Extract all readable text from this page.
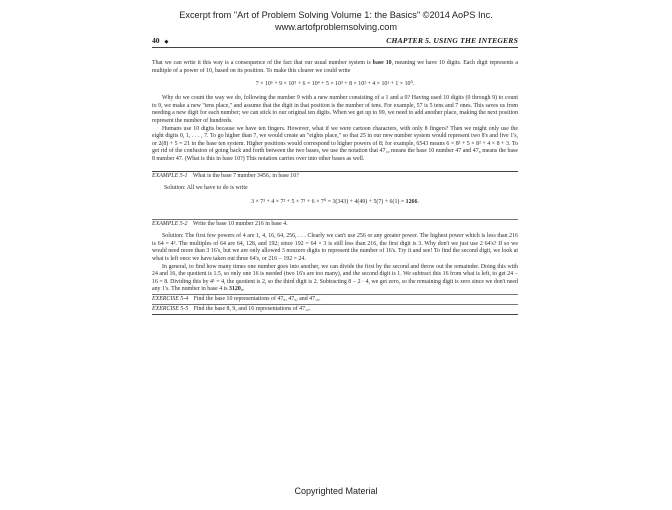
Excerpt from "Art of Problem Solving Volume 1: the Basics" ©2014 AoPS Inc.
www.artofproblemsolving.com
40 ◆	CHAPTER 5. USING THE INTEGERS

That we can write it this way is a consequence of the fact that our usual number system is base 10, meaning we have 10 digits. Each digit represents a multiple of a power of 10, based on its position. To make this clearer we could write

7 × 10⁶ + 9 × 10⁵ + 6 × 10⁴ + 5 × 10³ + 8 × 10² + 4 × 10¹ + 1 × 10⁰.

Why do we count the way we do, following the number 9 with a new number consisting of a 1 and a 0? Having used 10 digits (0 through 9) to count to 9, we make a new "tens place," and assume that the digit in that position is the number of tens. For example, 57 is 5 tens and 7 ones. This saves us from needing a new digit for each number; we can stick to our original ten digits. When we get up to 99, we need to add another place, making the next position represent the number of hundreds.

Humans use 10 digits because we have ten fingers. However, what if we were cartoon characters, with only 8 fingers? Then we might only use the eight digits 0, 1, . . . , 7. To go higher than 7, we would create an "eights place," so that 25 in our new number system would represent two 8's and five 1's, or 2(8) + 5 = 21 in the base ten system. Higher positions would correspond to higher powers of 8; for example, 6543 means 6 × 8³ + 5 × 8² + 4 × 8 + 3. To get rid of the confusion of going back and forth between the two bases, we use the notation that 47₁₀ means the base 10 number 47 and 47₈ means the base 8 number 47. (What is this in base 10?) This notation carries over into other bases as well.

EXAMPLE 5-1 What is the base 7 number 3456₇ in base 10?
Solution: All we have to do is write
3 × 7³ + 4 × 7² + 5 × 7¹ + 6 × 7⁰ = 3(343) + 4(49) + 5(7) + 6(1) = 1266.
EXAMPLE 5-2 Write the base 10 number 216 in base 4.

Solution: The first few powers of 4 are 1, 4, 16, 64, 256, . . . Clearly we can't use 256 or any greater power. The highest power which is less than 216 is 64 = 4³. The multiples of 64 are 64, 128, and 192; since 192 = 64 × 3 is still less than 216, the first digit is 3. Why don't we just use 2 64's? If so we would need more than 3 16's, but we are only allowed 3 nonzero digits to represent the number of 16's. Try it and see! To find the second digit, we look at what is left once we have taken out three 64's, or 216 − 192 = 24.

In general, to find how many times one number goes into another, we can divide the first by the second and throw out the remainder. Doing this with 24 and 16, the quotient is 1.5, so only one 16 is needed (two 16's are too many), and the second digit is 1. We subtract this 16 from what is left, to get 24 − 16 = 8. Dividing this by 4¹ = 4, the quotient is 2, so the third digit is 2. Subtracting 8 − 2 · 4, we get zero, so the remaining digit is zero since we don't need any 1's. The number in base 4 is 3120₄.

EXERCISE 5-4 Find the base 10 representations of 47₈, 47₉, and 47₁₆.
EXERCISE 5-5 Find the base 8, 9, and 16 representations of 47₁₀.
Copyrighted Material
